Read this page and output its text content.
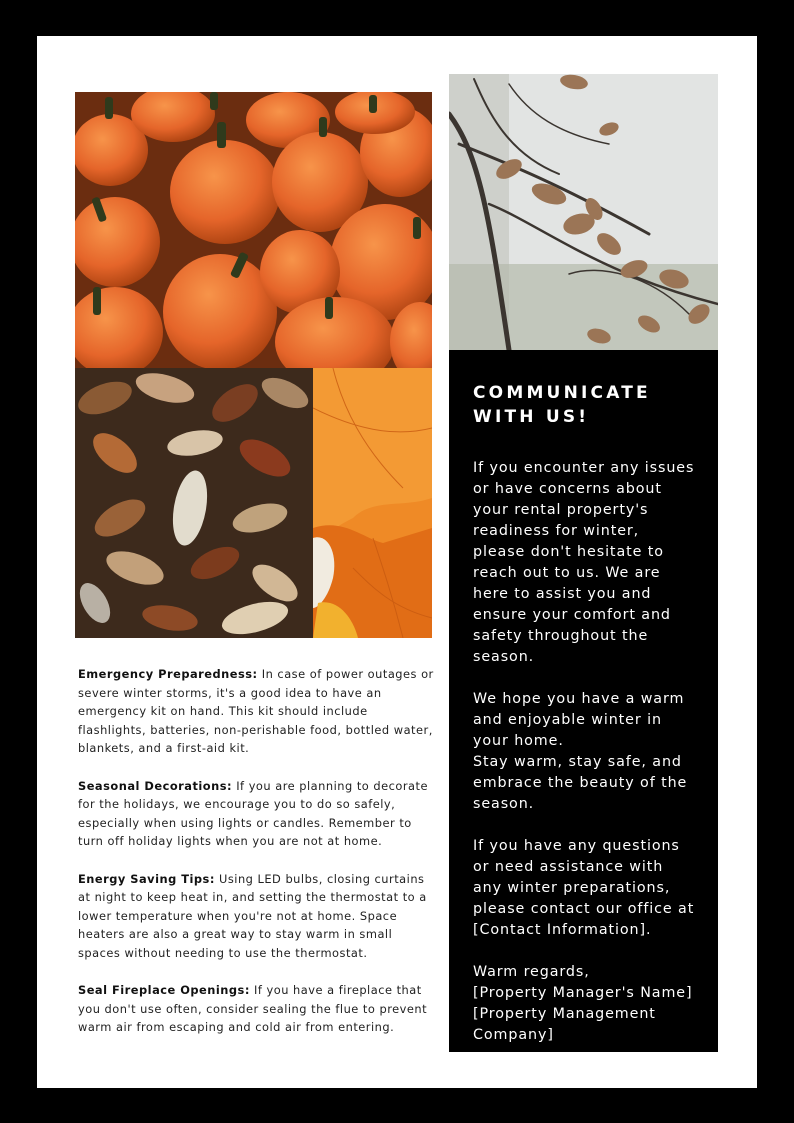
Emergency Preparedness: In case of power outages or severe winter storms, it's a good idea to have an emergency kit on hand. This kit should include flashlights, batteries, non-perishable food, bottled water, blankets, and a first-aid kit.

Seasonal Decorations: If you are planning to decorate for the holidays, we encourage you to do so safely, especially when using lights or candles. Remember to turn off holiday lights when you are not at home.

Energy Saving Tips: Using LED bulbs, closing curtains at night to keep heat in, and setting the thermostat to a lower temperature when you're not at home. Space heaters are also a great way to stay warm in small spaces without needing to use the thermostat.

Seal Fireplace Openings: If you have a fireplace that you don't use often, consider sealing the flue to prevent warm air from escaping and cold air from entering.

COMMUNICATE WITH US!

If you encounter any issues or have concerns about your rental property's readiness for winter, please don't hesitate to reach out to us. We are here to assist you and ensure your comfort and safety throughout the season.

We hope you have a warm and enjoyable winter in your home.

Stay warm, stay safe, and embrace the beauty of the season.

If you have any questions or need assistance with any winter preparations, please contact our office at [Contact Information].

Warm regards,

[Property Manager's Name] [Property Management Company]
